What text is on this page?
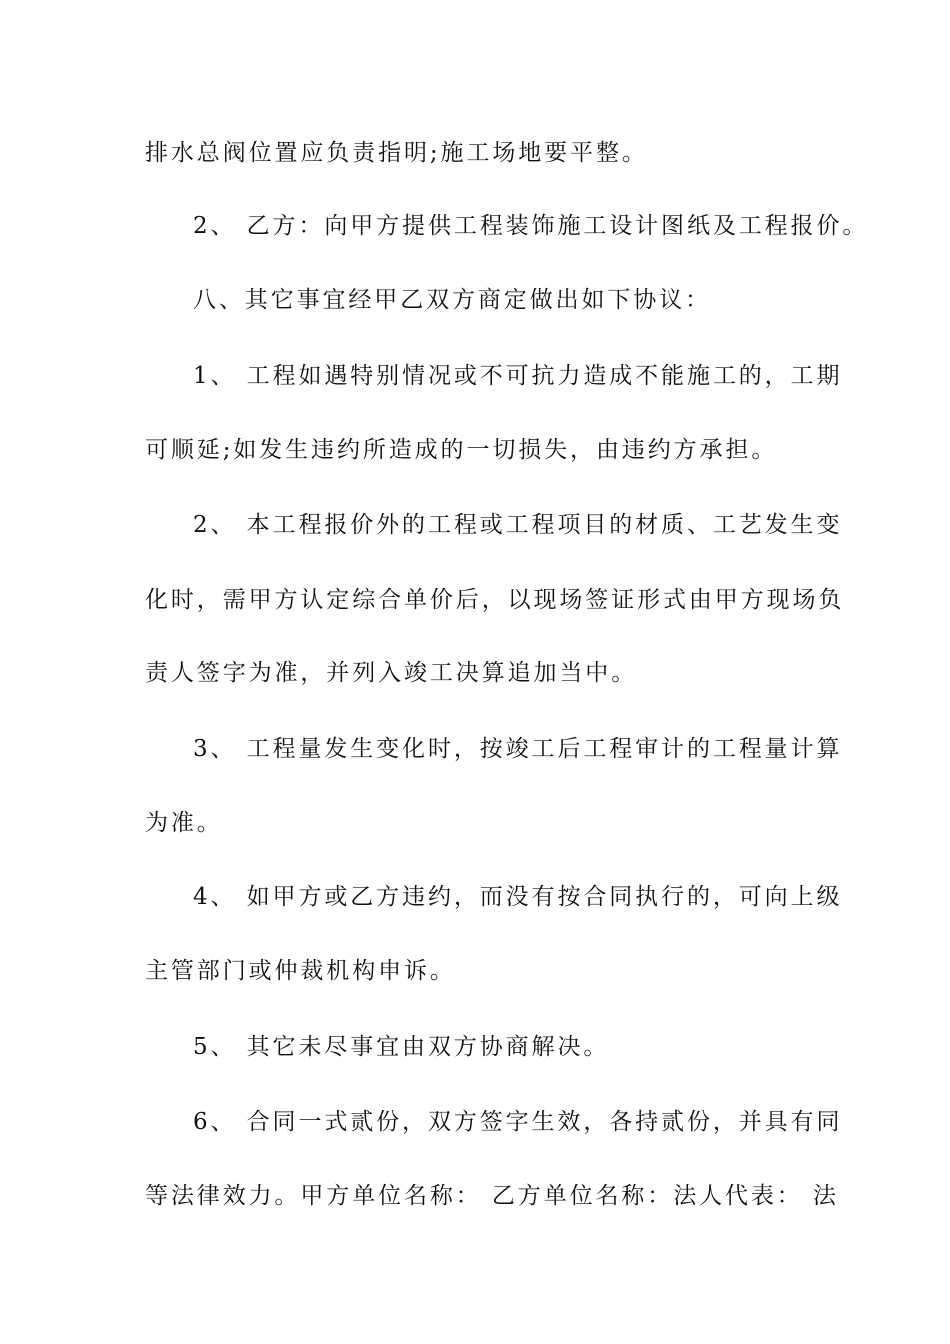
排水总阀位置应负责指明;施工场地要平整。
2、 乙方：向甲方提供工程装饰施工设计图纸及工程报价。
八、其它事宜经甲乙双方商定做出如下协议：
1、 工程如遇特别情况或不可抗力造成不能施工的，工期
可顺延;如发生违约所造成的一切损失，由违约方承担。
2、 本工程报价外的工程或工程项目的材质、工艺发生变
化时，需甲方认定综合单价后，以现场签证形式由甲方现场负
责人签字为准，并列入竣工决算追加当中。
3、 工程量发生变化时，按竣工后工程审计的工程量计算
为准。
4、 如甲方或乙方违约，而没有按合同执行的，可向上级
主管部门或仲裁机构申诉。
5、 其它未尽事宜由双方协商解决。
6、 合同一式贰份，双方签字生效，各持贰份，并具有同
等法律效力。甲方单位名称： 乙方单位名称：法人代表： 法
